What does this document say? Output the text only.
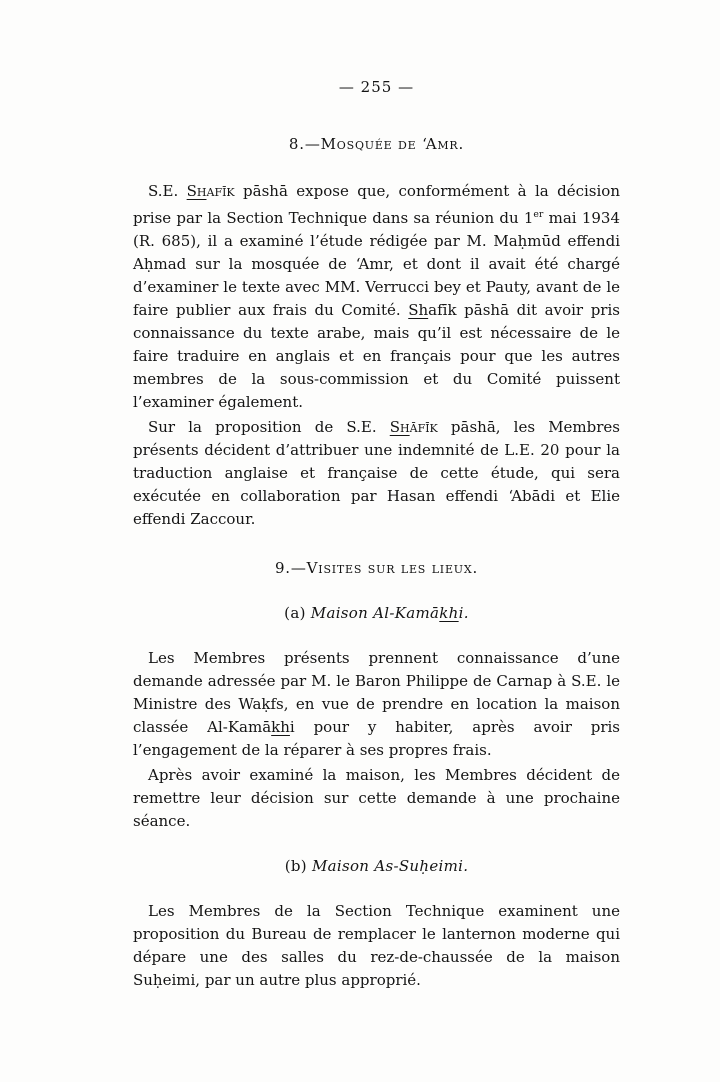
— 255 —
8.—Mosquée de ‘Amr.

S.E. Shafīk pāshā expose que, conformément à la décision prise par la Section Technique dans sa réunion du 1er mai 1934 (R. 685), il a examiné l’étude rédigée par M. Maḥmūd effendi Aḥmad sur la mosquée de ‘Amr, et dont il avait été chargé d’examiner le texte avec MM. Verrucci bey et Pauty, avant de le faire publier aux frais du Comité. Shafīk pāshā dit avoir pris connaissance du texte arabe, mais qu’il est nécessaire de le faire traduire en anglais et en français pour que les autres membres de la sous-commission et du Comité puissent l’examiner également.

Sur la proposition de S.E. Shāfīk pāshā, les Membres présents décident d’attribuer une indemnité de L.E. 20 pour la traduction anglaise et française de cette étude, qui sera exécutée en collaboration par Hasan effendi ‘Abādi et Elie effendi Zaccour.

9.—Visites sur les lieux.
(a) Maison Al-Kamākhi.

Les Membres présents prennent connaissance d’une demande adressée par M. le Baron Philippe de Carnap à S.E. le Ministre des Waḳfs, en vue de prendre en location la maison classée Al-Kamākhi pour y habiter, après avoir pris l’engagement de la réparer à ses propres frais.

Après avoir examiné la maison, les Membres décident de remettre leur décision sur cette demande à une prochaine séance.

(b) Maison As-Suḥeimi.

Les Membres de la Section Technique examinent une proposition du Bureau de remplacer le lanternon moderne qui dépare une des salles du rez-de-chaussée de la maison Suḥeimi, par un autre plus approprié.
